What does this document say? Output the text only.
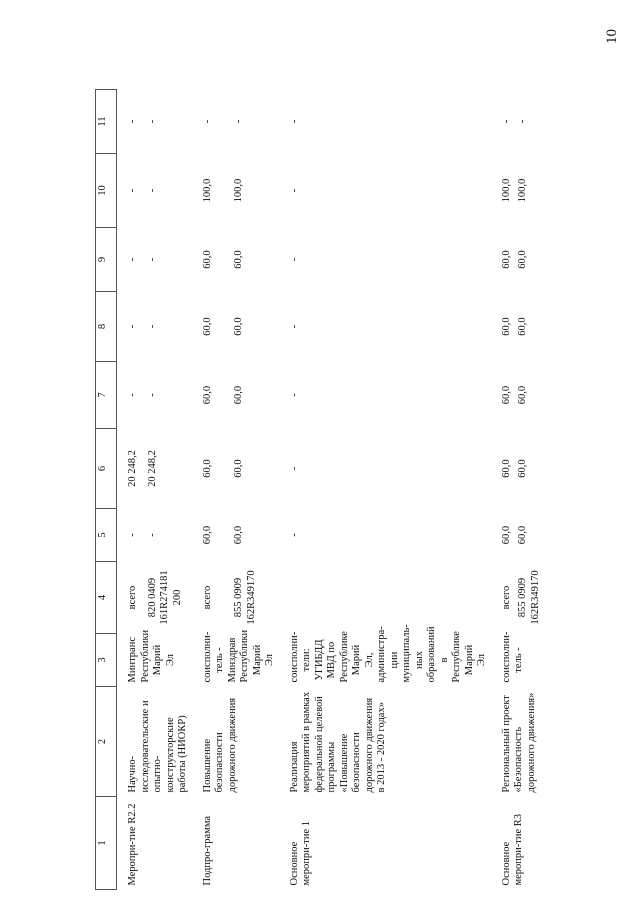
10
1	2	3	4	5	6	7	8	9	10	11
Меропри-тие R2.2	Научно-исследовательские и опытно-конструкторские работы (НИОКР)	Минтранс Республики Марий Эл	всего	-	20 248,2	-	-	-	-	-
			820 0409 161R274181 200	-	20 248,2	-	-	-	-	-
Подпро-грамма	Повышение безопасности дорожного движения	соисполни-тель - Минздрав Республики Марий Эл	всего	60,0	60,0	60,0	60,0	60,0	100,0	-
			855 0909 162R349170	60,0	60,0	60,0	60,0	60,0	100,0	-
Основное меропри-тие 1	Реализация мероприятий в рамках федеральной целевой программы «Повышение безопасности дорожного движения в 2013 - 2020 годах»	соисполни-тели: УГИБДД МВД по Республике Марий Эл, администра-ции муниципаль-ных образований в Республике Марий Эл		-	-	-	-	-	-	-
Основное меропри-тие R3	Региональный проект «Безопасность дорожного движения»	соисполни-тель -	всего	60,0	60,0	60,0	60,0	60,0	100,0	-
			855 0909 162R349170	60,0	60,0	60,0	60,0	60,0	100,0	-
